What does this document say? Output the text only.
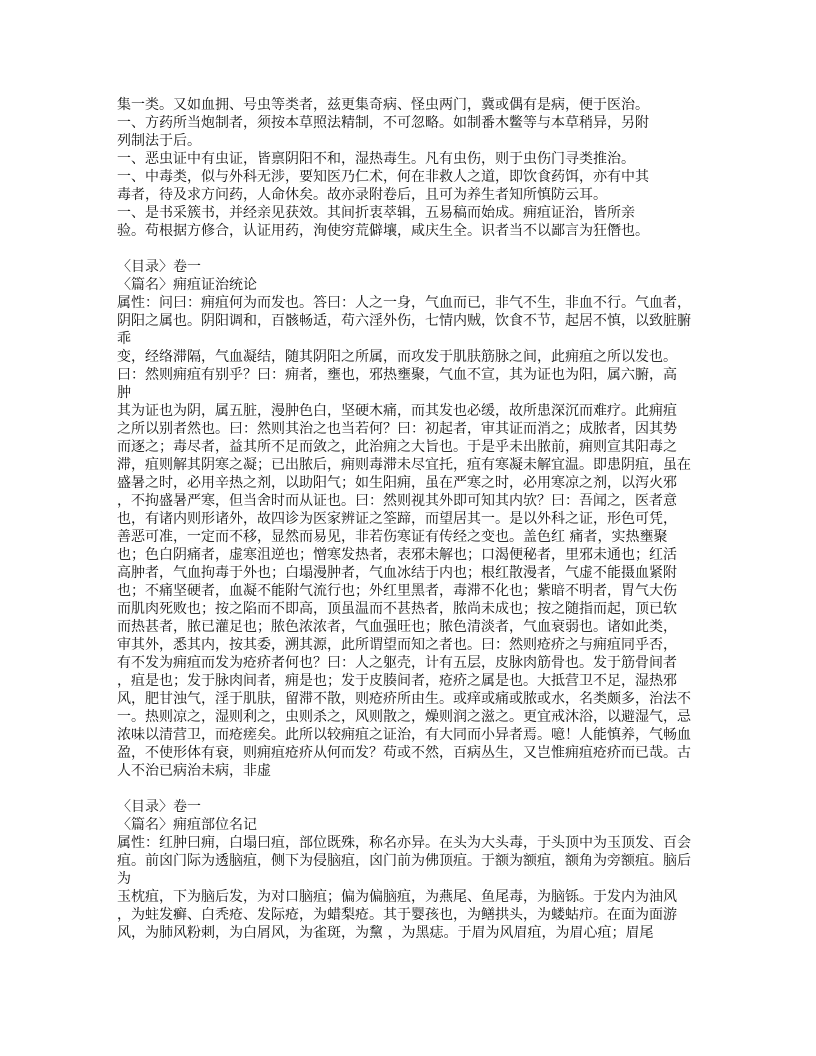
集一类。又如血拥、号虫等类者，兹更集奇病、怪虫两门，冀或偶有是病，便于医治。
一、方药所当炮制者，须按本草照法精制，不可忽略。如制番木鳖等与本草稍异，另附
列制法于后。
一、恶虫证中有虫证，皆禀阴阳不和，湿热毒生。凡有虫伤，则于虫伤门寻类推治。
一、中毒类，似与外科无涉，要知医乃仁术，何在非救人之道，即饮食药饵，亦有中其
毒者，待及求方问药，人命休矣。故亦录附卷后，且可为养生者知所慎防云耳。
一、是书采簇书，并经亲见获效。其间折衷萃辑，五易稿而始成。痈疽证治，皆所亲
验。苟根据方修合，认证用药，洵使穷荒僻壤，咸庆生全。识者当不以鄙言为狂僭也。
〈目录〉卷一
〈篇名〉痈疽证治统论
属性：问曰：痈疽何为而发也。答曰：人之一身，气血而已，非气不生，非血不行。气血者，
阴阳之属也。阴阳调和，百骸畅适，苟六淫外伤，七情内贼，饮食不节，起居不慎，以致脏腑
乖
变，经络滞隔，气血凝结，随其阴阳之所属，而攻发于肌肤筋脉之间，此痈疽之所以发也。
曰：然则痈疽有别乎？曰：痈者，壅也，邪热壅聚，气血不宣，其为证也为阳，属六腑，高
肿
其为证也为阴，属五脏，漫肿色白，坚硬木痛，而其发也必缓，故所患深沉而难疗。此痈疽
之所以别者然也。曰：然则其治之也当若何？曰：初起者，审其证而消之；成脓者，因其势
而逐之；毒尽者，益其所不足而敛之，此治痈之大旨也。于是乎未出脓前，痈则宣其阳毒之
滞，疽则解其阴寒之凝；已出脓后，痈则毒滞未尽宜托，疽有寒凝未解宜温。即患阴疽，虽在
盛暑之时，必用辛热之剂，以助阳气；如生阳痈，虽在严寒之时，必用寒凉之剂，以泻火邪
，不拘盛暑严寒，但当舍时而从证也。曰：然则视其外即可知其内欤？曰：吾闻之，医者意
也，有诸内则形诸外，故四诊为医家辨证之筌蹄，而望居其一。是以外科之证，形色可凭，
善恶可准，一定而不移，显然而易见，非若伤寒证有传经之变也。盖色红 痛者，实热壅聚
也；色白阴痛者，虚寒沮逆也；憎寒发热者，表邪未解也；口渴便秘者，里邪未通也；红活
高肿者，气血拘毒于外也；白塌漫肿者，气血冰结于内也；根红散漫者，气虚不能摄血紧附
也；不痛坚硬者，血凝不能附气流行也；外红里黑者，毒滞不化也；紫暗不明者，胃气大伤
而肌肉死败也；按之陷而不即高，顶虽温而不甚热者，脓尚未成也；按之随指而起，顶已软
而热甚者，脓已灌足也；脓色浓浓者，气血强旺也；脓色清淡者，气血衰弱也。诸如此类，
审其外，悉其内，按其委，溯其源，此所谓望而知之者也。曰：然则疮疥之与痈疽同乎否，
有不发为痈疽而发为疮疥者何也？曰：人之躯壳，计有五层，皮脉肉筋骨也。发于筋骨间者
，疽是也；发于脉肉间者，痈是也；发于皮腠间者，疮疥之属是也。大抵营卫不足，湿热邪
风，肥甘浊气，淫于肌肤，留滞不散，则疮疥所由生。或痒或痛或脓或水，名类颇多，治法不
一。热则凉之，湿则利之，虫则杀之，风则散之，燥则润之滋之。更宜戒沐浴，以避湿气，忌
浓味以清营卫，而疮瘥矣。此所以较痈疽之证治，有大同而小异者焉。噫！人能慎养，气畅血
盈，不使形体有衰，则痈疽疮疥从何而发？苟或不然，百病丛生，又岂惟痈疽疮疥而已哉。古
人不治已病治未病，非虚
〈目录〉卷一
〈篇名〉痈疽部位名记
属性：红肿曰痈，白塌曰疽，部位既殊，称名亦异。在头为大头毒，于头顶中为玉顶发、百会
疽。前囟门际为透脑疽，侧下为侵脑疽，囟门前为佛顶疽。于额为额疽，额角为旁额疽。脑后
为
玉枕疽，下为脑后发，为对口脑疽；偏为偏脑疽，为燕尾、鱼尾毒，为脑铄。于发内为油风
，为蛀发癣、白秃疮、发际疮，为蜡梨疮。其于婴孩也，为鳝拱头，为蝼蛄疖。在面为面游
风，为肺风粉刺，为白屑风，为雀斑，为黧 ，为黑痣。于眉为风眉疽，为眉心疽；眉尾
